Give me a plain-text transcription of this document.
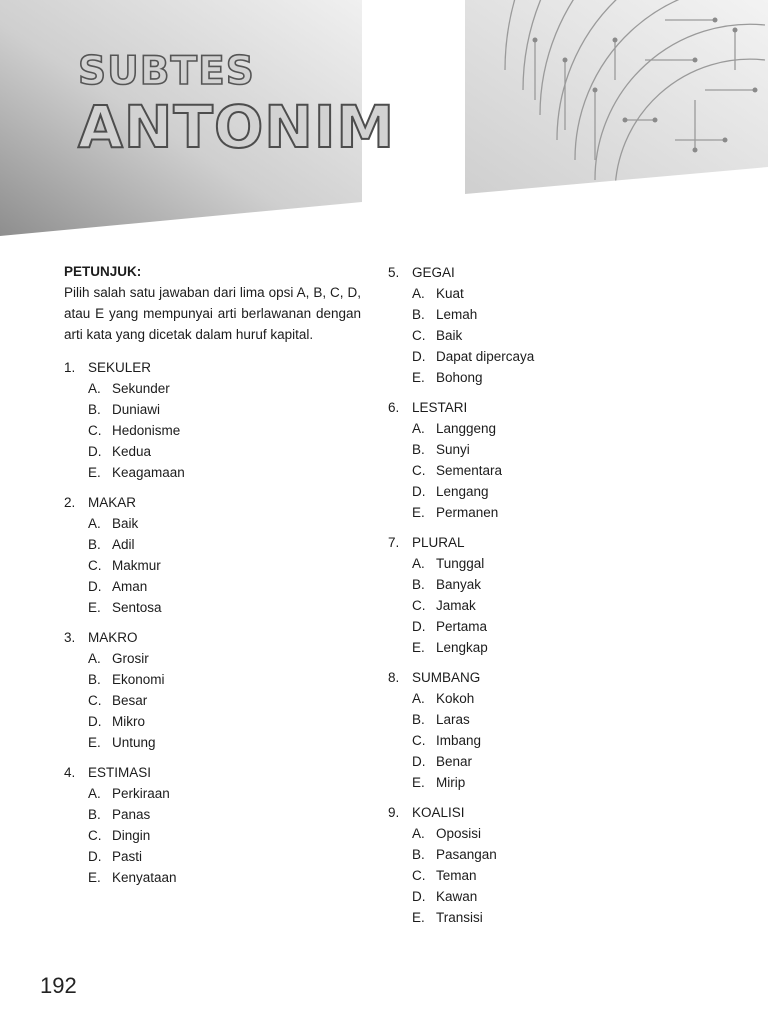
SUBTES
ANTONIM
PETUNJUK:
Pilih salah satu jawaban dari lima opsi A, B, C, D, atau E yang mempunyai arti berlawanan dengan arti kata yang dicetak dalam huruf kapital.
1. SEKULER
A. Sekunder
B. Duniawi
C. Hedonisme
D. Kedua
E. Keagamaan
2. MAKAR
A. Baik
B. Adil
C. Makmur
D. Aman
E. Sentosa
3. MAKRO
A. Grosir
B. Ekonomi
C. Besar
D. Mikro
E. Untung
4. ESTIMASI
A. Perkiraan
B. Panas
C. Dingin
D. Pasti
E. Kenyataan
5. GEGAI
A. Kuat
B. Lemah
C. Baik
D. Dapat dipercaya
E. Bohong
6. LESTARI
A. Langgeng
B. Sunyi
C. Sementara
D. Lengang
E. Permanen
7. PLURAL
A. Tunggal
B. Banyak
C. Jamak
D. Pertama
E. Lengkap
8. SUMBANG
A. Kokoh
B. Laras
C. Imbang
D. Benar
E. Mirip
9. KOALISI
A. Oposisi
B. Pasangan
C. Teman
D. Kawan
E. Transisi
192
